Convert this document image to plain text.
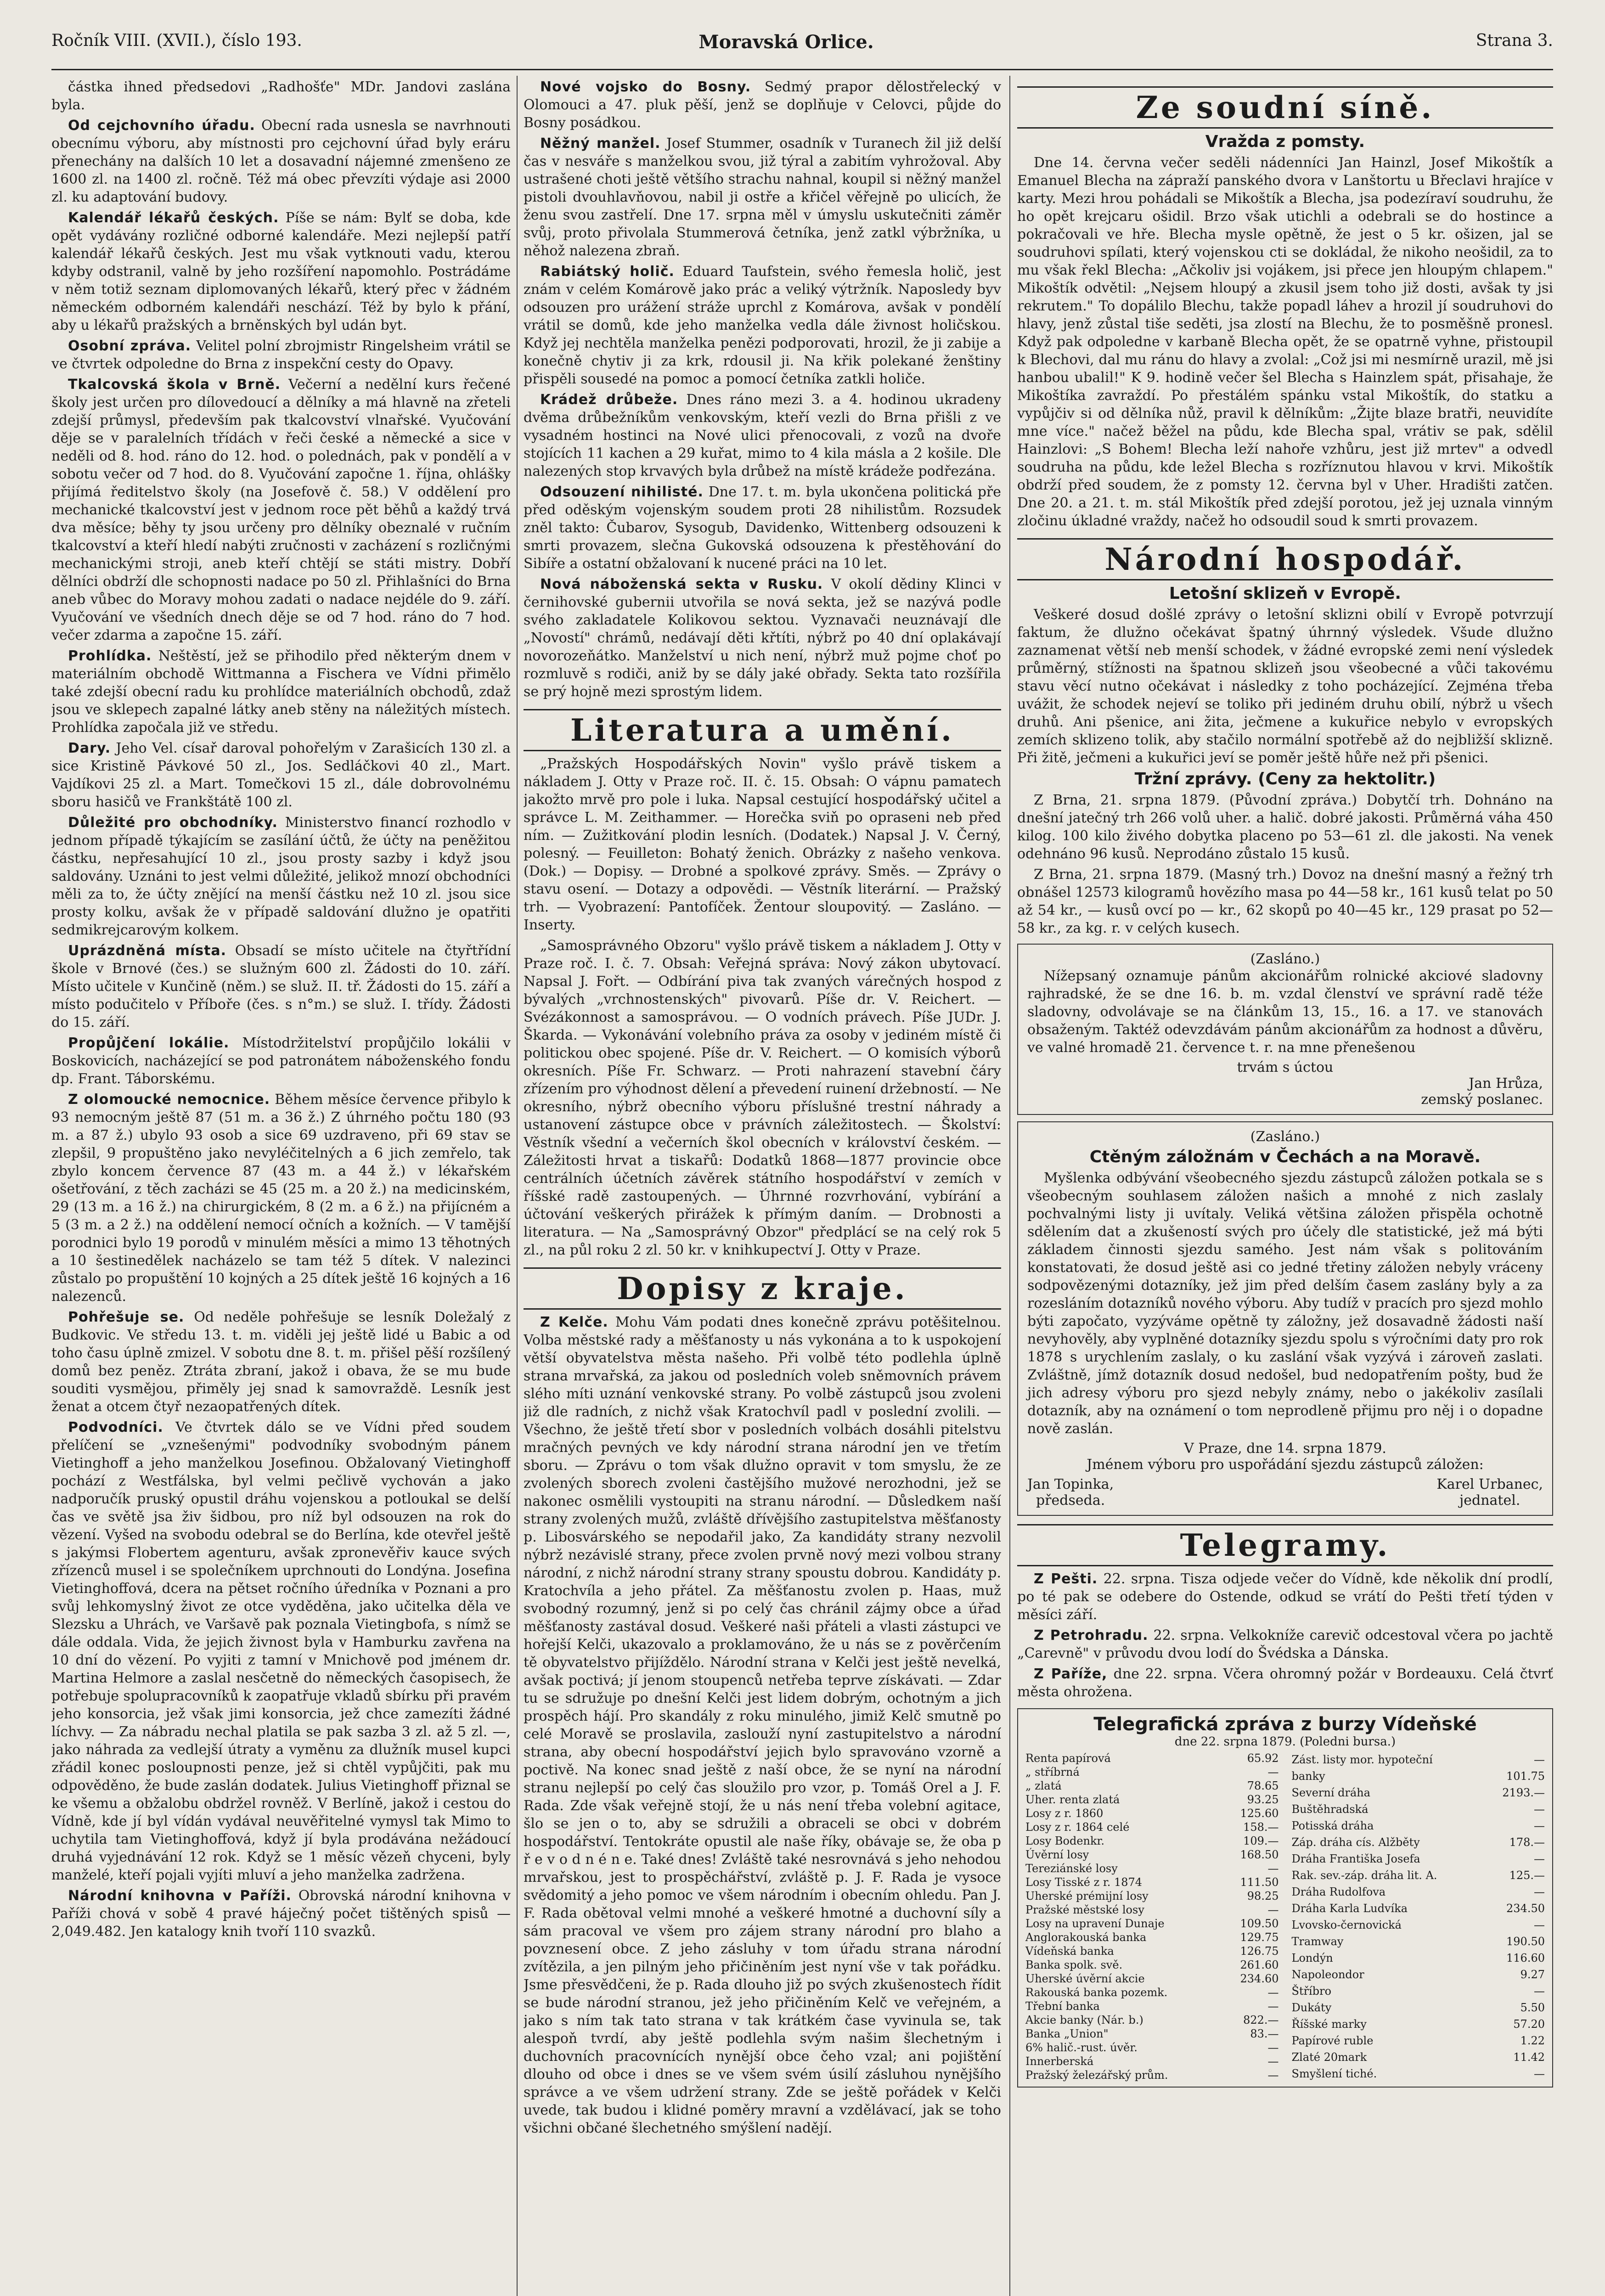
Ročník VIII. (XVII.), číslo 193.	Moravská Orlice.	Strana 3.

částka ihned předsedovi „Radhošťe" MDr. Jandovi zaslána byla.

Od cejchovního úřadu. Obecní rada usnesla se navrhnouti obecnímu výboru, aby místnosti pro cejchovní úřad byly eráru přenechány na dalších 10 let a dosavadní nájemné zmenšeno ze 1600 zl. na 1400 zl. ročně. Též má obec převzíti výdaje asi 2000 zl. ku adaptování budovy.

Kalendář lékařů českých. Píše se nám: Bylť se doba, kde opět vydávány rozličné odborné kalendáře. Mezi nejlepší patří kalendář lékařů českých. Jest mu však vytknouti vadu, kterou kdyby odstranil, valně by jeho rozšíření napomohlo. Postrádáme v něm totiž seznam diplomovaných lékařů, který přec v žádném německém odborném kalendáři neschází. Též by bylo k přání, aby u lékařů pražských a brněnských byl udán byt.

Osobní zpráva. Velitel polní zbrojmistr Ringelsheim vrátil se ve čtvrtek odpoledne do Brna z inspekční cesty do Opavy.

Tkalcovská škola v Brně. Večerní a nedělní kurs řečené školy jest určen pro dílovedoucí a dělníky a má hlavně na zřeteli zdejší průmysl, především pak tkalcovství vlnařské. Vyučování děje se v paralelních třídách v řeči české a německé a sice v neděli od 8. hod. ráno do 12. hod. o polednách, pak v pondělí a v sobotu večer od 7 hod. do 8. Vyučování započne 1. října, ohlášky přijímá ředitelstvo školy (na Josefově č. 58.) V oddělení pro mechanické tkalcovství jest v jednom roce pět běhů a každý trvá dva měsíce; běhy ty jsou určeny pro dělníky obeznalé v ručním tkalcovství a kteří hledí nabýti zručnosti v zacházení s rozličnými mechanickými stroji, aneb kteří chtějí se státi mistry. Dobří dělníci obdrží dle schopnosti nadace po 50 zl. Přihlašníci do Brna aneb vůbec do Moravy mohou zadati o nadace nejdéle do 9. září. Vyučování ve všedních dnech děje se od 7 hod. ráno do 7 hod. večer zdarma a započne 15. září.

Prohlídka. Neštěstí, jež se přihodilo před některým dnem v materiálním obchodě Wittmanna a Fischera ve Vídni přimělo také zdejší obecní radu ku prohlídce materiálních obchodů, zdaž jsou ve sklepech zapalné látky aneb stěny na náležitých místech. Prohlídka započala již ve středu.

Dary. Jeho Vel. císař daroval pohořelým v Zarašicích 130 zl. a sice Kristině Pávkové 50 zl., Jos. Sedláčkovi 40 zl., Mart. Vajdíkovi 25 zl. a Mart. Tomečkovi 15 zl., dále dobrovolnému sboru hasičů ve Frankštátě 100 zl.

Důležité pro obchodníky. Ministerstvo financí rozhodlo v jednom případě týkajícím se zasílání účtů, že účty na peněžitou částku, nepřesahující 10 zl., jsou prosty sazby i když jsou saldovány. Uznáni to jest velmi důležité, jelikož mnozí obchodníci měli za to, že účty znějící na menší částku než 10 zl. jsou sice prosty kolku, avšak že v případě saldování dlužno je opatřiti sedmikrejcarovým kolkem.

Uprázdněná místa. Obsadí se místo učitele na čtyřtřídní škole v Brnové (čes.) se služným 600 zl. Žádosti do 10. září. Místo učitele v Kunčině (něm.) se služ. II. tř. Žádosti do 15. září a místo podučitelo v Příboře (čes. s n°m.) se služ. I. třídy. Žádosti do 15. září.

Propůjčení lokálie. Místodržitelství propůjčilo lokálii v Boskovicích, nacházející se pod patronátem náboženského fondu dp. Frant. Táborskému.

Z olomoucké nemocnice. Během měsíce července přibylo k 93 nemocným ještě 87 (51 m. a 36 ž.) Z úhrného počtu 180 (93 m. a 87 ž.) ubylo 93 osob a sice 69 uzdraveno, při 69 stav se zlepšil, 9 propuštěno jako nevyléčitelných a 6 jich zemřelo, tak zbylo koncem července 87 (43 m. a 44 ž.) v lékařském ošetřování, z těch zacházi se 45 (25 m. a 20 ž.) na medicinském, 29 (13 m. a 16 ž.) na chirurgickém, 8 (2 m. a 6 ž.) na přijícném a 5 (3 m. a 2 ž.) na oddělení nemocí očních a kožních. — V tamější porodnici bylo 19 porodů v minulém měsíci a mimo 13 těhotných a 10 šestinedělek nacházelo se tam též 5 dítek. V nalezinci zůstalo po propuštění 10 kojných a 25 dítek ještě 16 kojných a 16 nalezenců.

Pohřešuje se. Od neděle pohřešuje se lesník Doležalý z Budkovic. Ve středu 13. t. m. viděli jej ještě lidé u Babic a od toho času úplně zmizel. V sobotu dne 8. t. m. přišel pěší rozšílený domů bez peněz. Ztráta zbraní, jakož i obava, že se mu bude souditi vysmějou, přiměly jej snad k samovraždě. Lesník jest ženat a otcem čtyř nezaopatřených dítek.

Podvodníci. Ve čtvrtek dálo se ve Vídni před soudem přelíčení se „vznešenými" podvodníky svobodným pánem Vietinghoff a jeho manželkou Josefinou. Obžalovaný Vietinghoff pochází z Westfálska, byl velmi pečlivě vychován a jako nadporučík pruský opustil dráhu vojenskou a potloukal se delší čas ve světě jsa živ šidbou, pro níž byl odsouzen na rok do vězení. Vyšed na svobodu odebral se do Berlína, kde otevřel ještě s jakýmsi Flobertem agenturu, avšak zpronevěřiv kauce svých zřízenců musel i se společníkem uprchnouti do Londýna. Josefina Vietinghoffová, dcera na pětset ročního úředníka v Poznani a pro svůj lehkomyslný život ze otce vyděděna, jako učitelka děla ve Slezsku a Uhrách, ve Varšavě pak poznala Vietingbofa, s nímž se dále oddala. Vida, že jejich živnost byla v Hamburku zavřena na 10 dní do vězení. Po vyjiti z tamní v Mnichově pod jménem dr. Martina Helmore a zaslal nesčetně do německých časopisech, že potřebuje spolupracovníků k zaopatřuje vkladů sbírku při pravém jeho konsorcia, jež však jimi konsorcia, jež chce zamezíti žádné líchvy. — Za nábradu nechal platila se pak sazba 3 zl. až 5 zl. —, jako náhrada za vedlejší útraty a vyměnu za dlužník musel kupci zřádil konec posloupnosti penze, jež si chtěl vypůjčiti, pak mu odpověděno, že bude zaslán dodatek. Julius Vietinghoff přiznal se ke všemu a obžalobu obdržel rovněž. V Berlíně, jakož i cestou do Vídně, kde jí byl vídán vydával neuvěřitelné vymysl tak Mimo to uchytila tam Vietinghoffová, když jí byla prodávána nežádoucí druhá vyjednávání 12 rok. Když se 1 měsíc vězeň chyceni, byly manželé, kteří pojali vyjíti mluví a jeho manželka zadržena.

Národní knihovna v Paříži. Obrovská národní knihovna v Paříži chová v sobě 4 pravé háječný počet tištěných spisů — 2,049.482. Jen katalogy knih tvoří 110 svazků.

Nové vojsko do Bosny. Sedmý prapor dělostřelecký v Olomouci a 47. pluk pěší, jenž se doplňuje v Celovci, půjde do Bosny posádkou.

Něžný manžel. Josef Stummer, osadník v Turanech žil již delší čas v nesváře s manželkou svou, již týral a zabitím vyhrožoval. Aby ustrašené choti ještě většího strachu nahnal, koupil si něžný manžel pistoli dvouhlavňovou, nabil ji ostře a křičel věřejně po ulicích, že ženu svou zastřelí. Dne 17. srpna měl v úmyslu uskutečniti záměr svůj, proto přivolala Stummerová četníka, jenž zatkl výbržníka, u něhož nalezena zbraň.

Rabiátský holič. Eduard Taufstein, svého řemesla holič, jest znám v celém Komárově jako prác a veliký výtržník. Naposledy byv odsouzen pro urážení stráže uprchl z Komárova, avšak v pondělí vrátil se domů, kde jeho manželka vedla dále živnost holičskou. Když jej nechtěla manželka penězi podporovati, hrozil, že ji zabije a konečně chytiv ji za krk, rdousil ji. Na křik polekané ženštiny přispěli sousedé na pomoc a pomocí četníka zatkli holiče.

Krádež drůbeže. Dnes ráno mezi 3. a 4. hodinou ukradeny dvěma drůbežníkům venkovským, kteří vezli do Brna přišli z ve vysadném hostinci na Nové ulici přenocovali, z vozů na dvoře stojících 11 kachen a 29 kuřat, mimo to 4 kila másla a 2 košile. Dle nalezených stop krvavých byla drůbež na místě krádeže podřezána.

Odsouzení nihilisté. Dne 17. t. m. byla ukončena politická pře před oděským vojenským soudem proti 28 nihilistům. Rozsudek zněl takto: Čubarov, Sysogub, Davidenko, Wittenberg odsouzeni k smrti provazem, slečna Gukovská odsouzena k přestěhování do Sibíře a ostatní obžalovaní k nucené práci na 10 let.

Nová náboženská sekta v Rusku. V okolí dědiny Klinci v černihovské gubernii utvořila se nová sekta, jež se nazývá podle svého zakladatele Kolikovou sektou. Vyznavači neuznávají dle „Novostí" chrámů, nedávají děti křtíti, nýbrž po 40 dní oplakávají novorozeňátko. Manželství u nich není, nýbrž muž pojme choť po rozmluvě s rodiči, aniž by se dály jaké obřady. Sekta tato rozšířila se prý hojně mezi sprostým lidem.

Literatura a umění.

„Pražských Hospodářských Novin" vyšlo právě tiskem a nákladem J. Otty v Praze roč. II. č. 15. Obsah: O vápnu pamatech jakožto mrvě pro pole i luka. Napsal cestující hospodářský učitel a správce L. M. Zeithammer. — Horečka sviň po opraseni neb před ním. — Zužitkování plodin lesních. (Dodatek.) Napsal J. V. Černý, polesný. — Feuilleton: Bohatý ženich. Obrázky z našeho venkova. (Dok.) — Dopisy. — Drobné a spolkové zprávy. Směs. — Zprávy o stavu osení. — Dotazy a odpovědi. — Věstník literární. — Pražský trh. — Vyobrazení: Pantofíček. Žentour sloupovitý. — Zasláno. — Inserty.

„Samosprávného Obzoru" vyšlo právě tiskem a nákladem J. Otty v Praze roč. I. č. 7. Obsah: Veřejná správa: Nový zákon ubytovací. Napsal J. Fořt. — Odbírání piva tak zvaných várečných hospod z bývalých „vrchnostenských" pivovarů. Píše dr. V. Reichert. — Svézákonnost a samosprávou. — O vodních právech. Píše JUDr. J. Škarda. — Vykonávání volebního práva za osoby v jediném místě či politickou obec spojené. Píše dr. V. Reichert. — O komisích výborů okresních. Píše Fr. Schwarz. — Proti nahrazení stavební čáry zřízením pro výhodnost dělení a převedení ruinení držebností. — Ne okresního, nýbrž obecního výboru příslušné trestní náhrady a ustanovení zástupce obce v právních záležitostech. — Školství: Věstník všední a večerních škol obecních v království českém. — Záležitosti hrvat a tiskařů: Dodatků 1868—1877 provincie obce centrálních účetních závěrek státního hospodářství v zemích v říšské radě zastoupených. — Úhrnné rozvrhování, vybírání a účtování veškerých přirážek k přímým daním. — Drobnosti a literatura. — Na „Samosprávný Obzor" předplácí se na celý rok 5 zl., na půl roku 2 zl. 50 kr. v knihkupectví J. Otty v Praze.

Dopisy z kraje.

Z Kelče. Mohu Vám podati dnes konečně zprávu potěšitelnou. Volba městské rady a měšťanosty u nás vykonána a to k uspokojení větší obyvatelstva města našeho. Při volbě této podlehla úplně strana mrvařská, za jakou od posledních voleb sněmovních právem slého míti uznání venkovské strany. Po volbě zástupců jsou zvoleni již dle radních, z nichž však Kratochvíl padl v poslední zvolili. — Všechno, že ještě třetí sbor v posledních volbách dosáhli pitelstvu mračných pevných ve kdy národní strana národní jen ve třetím sboru. — Zprávu o tom však dlužno opravit v tom smyslu, že ze zvolených sborech zvoleni častějšího mužové nerozhodni, jež se nakonec osmělili vystoupiti na stranu národní. — Důsledkem naší strany zvolených mužů, zvláště dřívějšího zastupitelstva měšťanosty p. Libosvárského se nepodařil jako, Za kandidáty strany nezvolil nýbrž nezávislé strany, přece zvolen prvně nový mezi volbou strany národní, z nichž národní strany strany spoustu dobrou. Kandidáty p. Kratochvíla a jeho přátel. Za měšťanostu zvolen p. Haas, muž svobodný rozumný, jenž si po celý čas chránil zájmy obce a úřad měšťanosty zastával dosud. Veškeré naši přáteli a vlasti zástupci ve hořejší Kelči, ukazovalo a proklamováno, že u nás se z pověrčením tě obyvatelstvo přijíždělo. Národní strana v Kelči jest ještě nevelká, avšak poctivá; jí jenom stoupenců netřeba teprve získávati. — Zdar tu se sdružuje po dnešní Kelči jest lidem dobrým, ochotným a jich prospěch hájí. Pro skandály z roku minulého, jimiž Kelč smutně po celé Moravě se proslavila, zaslouží nyní zastupitelstvo a národní strana, aby obecní hospodářství jejich bylo spravováno vzorně a poctivě. Na konec snad ještě z naší obce, že se nyní na národní stranu nejlepší po celý čas sloužilo pro vzor, p. Tomáš Orel a J. F. Rada. Zde však veřejně stojí, že u nás není třeba volební agitace, šlo se jen o to, aby se sdružili a obraceli se obci v dobrém hospodářství. Tentokráte opustil ale naše říky, obávaje se, že oba p ř e v o d n é n e. Také dnes! Zvláště také nesrovnává s jeho nehodou mrvařskou, jest to prospěchářství, zvláště p. J. F. Rada je vysoce svědomitý a jeho pomoc ve všem národním i obecním ohledu. Pan J. F. Rada obětoval velmi mnohé a veškeré hmotné a duchovní síly a sám pracoval ve všem pro zájem strany národní pro blaho a povznesení obce. Z jeho zásluhy v tom úřadu strana národní zvítězila, a jen pilným jeho přičiněním jest nyní vše v tak pořádku. Jsme přesvědčeni, že p. Rada dlouho již po svých zkušenostech řídit se bude národní stranou, jež jeho přičiněním Kelč ve veřejném, a jako s ním tak tato strana v tak krátkém čase vyvinula se, tak alespoň tvrdí, aby ještě podlehla svým našim šlechetným i duchovních pracovnících nynější obce čeho vzal; ani pojištění dlouho od obce i dnes se ve všem svém úsilí zásluhou nynějšího správce a ve všem udržení strany. Zde se ještě pořádek v Kelči uvede, tak budou i klidné poměry mravní a vzdělávací, jak se toho všichni občané šlechetného smýšlení nadějí.

Ze soudní síně.
Vražda z pomsty.

Dne 14. června večer seděli nádenníci Jan Hainzl, Josef Mikoštík a Emanuel Blecha na zápraží panského dvora v Lanštortu u Břeclavi hrajíce v karty. Mezi hrou pohádali se Mikoštík a Blecha, jsa podezíraví soudruhu, že ho opět krejcaru ošidil. Brzo však utichli a odebrali se do hostince a pokračovali ve hře. Blecha mysle opětně, že jest o 5 kr. ošizen, jal se soudruhovi spílati, který vojenskou cti se dokládal, že nikoho neošidil, za to mu však řekl Blecha: „Ačkoliv jsi vojákem, jsi přece jen hloupým chlapem." Mikoštík odvětil: „Nejsem hloupý a zkusil jsem toho již dosti, avšak ty jsi rekrutem." To dopálilo Blechu, takže popadl láhev a hrozil jí soudruhovi do hlavy, jenž zůstal tiše seděti, jsa zlostí na Blechu, že to posměšně pronesl. Když pak odpoledne v karbaně Blecha opět, že se opatrně vyhne, přistoupil k Blechovi, dal mu ránu do hlavy a zvolal: „Což jsi mi nesmírně urazil, mě jsi hanbou ubalil!" K 9. hodině večer šel Blecha s Hainzlem spát, přisahaje, že Mikoštíka zavraždí. Po přestálém spánku vstal Mikoštík, do statku a vypůjčiv si od dělníka nůž, pravil k dělníkům: „Žijte blaze bratři, neuvidíte mne více." načež běžel na půdu, kde Blecha spal, vrátiv se pak, sdělil Hainzlovi: „S Bohem! Blecha leží nahoře vzhůru, jest již mrtev" a odvedl soudruha na půdu, kde ležel Blecha s rozříznutou hlavou v krvi. Mikoštík obdrží před soudem, že z pomsty 12. června byl v Uher. Hradišti zatčen. Dne 20. a 21. t. m. stál Mikoštík před zdejší porotou, jež jej uznala vinným zločinu úkladné vraždy, načež ho odsoudil soud k smrti provazem.

Národní hospodář.
Letošní sklizeň v Evropě.

Veškeré dosud došlé zprávy o letošní sklizni obilí v Evropě potvrzují faktum, že dlužno očekávat špatný úhrnný výsledek. Všude dlužno zaznamenat větší neb menší schodek, v žádné evropské zemi není výsledek průměrný, stížnosti na špatnou sklizeň jsou všeobecné a vůči takovému stavu věcí nutno očekávat i následky z toho pocházející. Zejména třeba uvážit, že schodek nejeví se toliko při jediném druhu obilí, nýbrž u všech druhů. Ani pšenice, ani žita, ječmene a kukuřice nebylo v evropských zemích sklizeno tolik, aby stačilo normální spotřebě až do nejbližší sklizně. Při žitě, ječmeni a kukuřici jeví se poměr ještě hůře než při pšenici.

Tržní zprávy. (Ceny za hektolitr.)

Z Brna, 21. srpna 1879. (Původní zpráva.) Dobytčí trh. Dohnáno na dnešní jatečný trh 266 volů uher. a halič. dobré jakosti. Průměrná váha 450 kilog. 100 kilo živého dobytka placeno po 53—61 zl. dle jakosti. Na venek odehnáno 96 kusů. Neprodáno zůstalo 15 kusů.

Z Brna, 21. srpna 1879. (Masný trh.) Dovoz na dnešní masný a řežný trh obnášel 12573 kilogramů hovězího masa po 44—58 kr., 161 kusů telat po 50 až 54 kr., — kusů ovcí po — kr., 62 skopů po 40—45 kr., 129 prasat po 52—58 kr., za kg. r. v celých kusech.

(Zasláno.)

Nížepsaný oznamuje pánům akcionářům rolnické akciové sladovny rajhradské, že se dne 16. b. m. vzdal členství ve správní radě téže sladovny, odvolávaje se na článkům 13, 15., 16. a 17. ve stanovách obsaženým. Taktéž odevzdávám pánům akcionářům za hodnost a důvěru, ve valné hromadě 21. července t. r. na mne přenešenou

trvám s úctou
Jan Hrůza,
zemský poslanec.
(Zasláno.)
Ctěným záložnám v Čechách a na Moravě.

Myšlenka odbývání všeobecného sjezdu zástupců záložen potkala se s všeobecným souhlasem záložen našich a mnohé z nich zaslaly pochvalnými listy ji uvítaly. Veliká většina záložen přispěla ochotně sdělením dat a zkušeností svých pro účely dle statistické, jež má býti základem činnosti sjezdu samého. Jest nám však s politováním konstatovati, že dosud ještě asi co jedné třetiny záložen nebyly vráceny sodpovězenými dotazníky, jež jim před delším časem zaslány byly a za rozesláním dotazníků nového výboru. Aby tudíž v pracích pro sjezd mohlo býti započato, vyzýváme opětně ty záložny, jež dosavadně žádosti naší nevyhověly, aby vyplněné dotazníky sjezdu spolu s výročními daty pro rok 1878 s urychlením zaslaly, o ku zaslání však vyzývá i zároveň zaslati. Zvláštně, jímž dotazník dosud nedošel, bud nedopatřením pošty, bud že jich adresy výboru pro sjezd nebyly známy, nebo o jakékoliv zasílali dotazník, aby na oznámení o tom neprodleně přijmu pro něj i o dopadne nově zaslán.

V Praze, dne 14. srpna 1879.
Jménem výboru pro uspořádání sjezdu zástupců záložen:
Jan Topinka,
předseda.
Karel Urbanec,
jednatel.
Telegramy.

Z Pešti. 22. srpna. Tisza odjede večer do Vídně, kde několik dní prodlí, po té pak se odebere do Ostende, odkud se vrátí do Pešti třetí týden v měsíci září.

Z Petrohradu. 22. srpna. Velkokníže carevič odcestoval včera po jachtě „Carevně" v průvodu dvou lodí do Švédska a Dánska.

Z Paříže, dne 22. srpna. Včera ohromný požár v Bordeauxu. Celá čtvrť města ohrožena.

Telegrafická zpráva z burzy Vídeňské
dne 22. srpna 1879. (Poledni bursa.)
Renta papírová	65.92
„ stříbrná	—
„ zlatá	78.65
Uher. renta zlatá	93.25
Losy z r. 1860	125.60
Losy z r. 1864 celé	158.—
Losy Bodenkr.	109.—
Úvěrní losy	168.50
Tereziánské losy	—
Losy Tisské z r. 1874	111.50
Uherské prémijní losy	98.25
Pražské městské losy	—
Losy na upravení Dunaje	109.50
Anglorakouská banka	129.75
Vídeňská banka	126.75
Banka spolk. svě.	261.60
Uherské úvěrní akcie	234.60
Rakouská banka pozemk.	—
Třební banka	—
Akcie banky (Nár. b.)	822.—
Banka „Union"	83.—
6% halič.-rust. úvěr.	—
Innerberská	—
Pražský železářský prům.	—
Zást. listy mor. hypoteční	—
banky	101.75
Severní dráha	2193.—
Buštěhradská	—
Potisská dráha	—
Záp. dráha cís. Alžběty	178.—
Dráha Františka Josefa	—
Rak. sev.-záp. dráha lit. A.	125.—
Dráha Rudolfova	—
Dráha Karla Ludvíka	234.50
Lvovsko-černovická	—
Tramway	190.50
Londýn	116.60
Napoleondor	9.27
Štříbro	—
Dukáty	5.50
Říšské marky	57.20
Papírové ruble	1.22
Zlaté 20mark	11.42
Smyšlení tiché.	—
